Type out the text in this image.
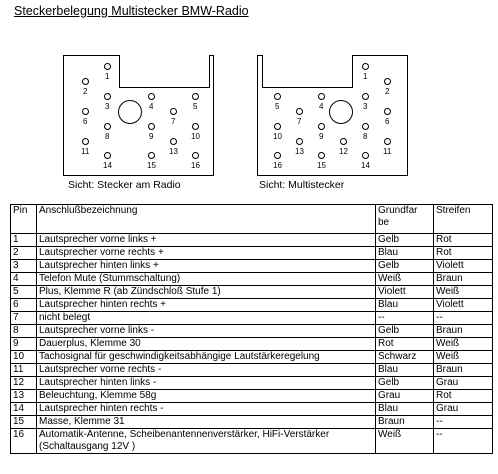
Steckerbelegung Multistecker BMW-Radio
1
2
3	4	5
6	7
8	9	10
11	13
14	15	16
Sicht: Stecker am Radio
1
2
3
4
5
6
7
8
9
10
11
12
13
14
15
16
Sicht: Multistecker
Pin	Anschlußbezeichnung	Grundfarbe	Streifen
1	Lautsprecher vorne links +	Gelb	Rot
2	Lautsprecher vorne rechts +	Blau	Rot
3	Lautsprecher hinten links +	Gelb	Violett
4	Telefon Mute (Stummschaltung)	Weiß	Braun
5	Plus, Klemme R (ab Zündschloß Stufe 1)	Violett	Weiß
6	Lautsprecher hinten rechts +	Blau	Violett
7	nicht belegt	--	--
8	Lautsprecher vorne links -	Gelb	Braun
9	Dauerplus, Klemme 30	Rot	Weiß
10	Tachosignal für geschwindigkeitsabhängige Lautstärkeregelung	Schwarz	Weiß
11	Lautsprecher vorne rechts -	Blau	Braun
12	Lautsprecher hinten links -	Gelb	Grau
13	Beleuchtung, Klemme 58g	Grau	Rot
14	Lautsprecher hinten rechts -	Blau	Grau
15	Masse, Klemme 31	Braun	--
16	Automatik-Antenne, Scheibenantennenverstärker, HiFi-Verstärker (Schaltausgang 12V )	Weiß	--
